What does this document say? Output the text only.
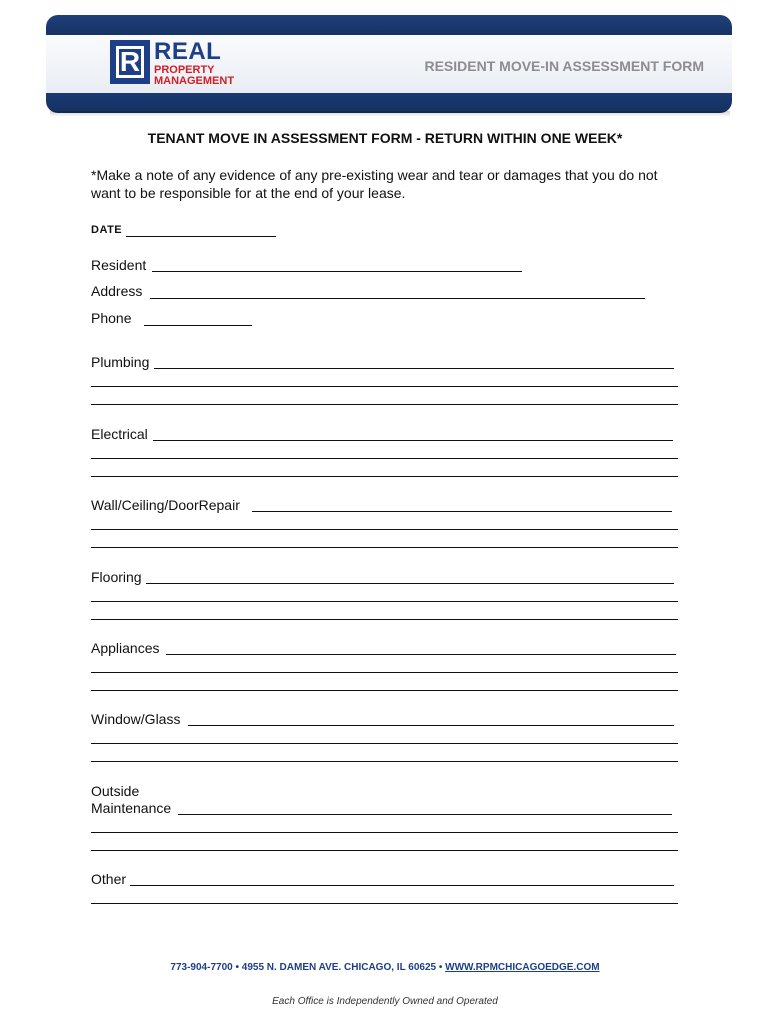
R REAL
PROPERTY
MANAGEMENT
RESIDENT MOVE-IN ASSESSMENT FORM
TENANT MOVE IN ASSESSMENT FORM - RETURN WITHIN ONE WEEK*
*Make a note of any evidence of any pre-existing wear and tear or damages that you do not want to be responsible for at the end of your lease.
DATE
Resident
Address
Phone
Plumbing
Electrical
Wall/Ceiling/DoorRepair
Flooring
Appliances
Window/Glass
Outside
Maintenance
Other
773-904-7700 • 4955 N. DAMEN AVE. CHICAGO, IL 60625 • WWW.RPMCHICAGOEDGE.COM
Each Office is Independently Owned and Operated
